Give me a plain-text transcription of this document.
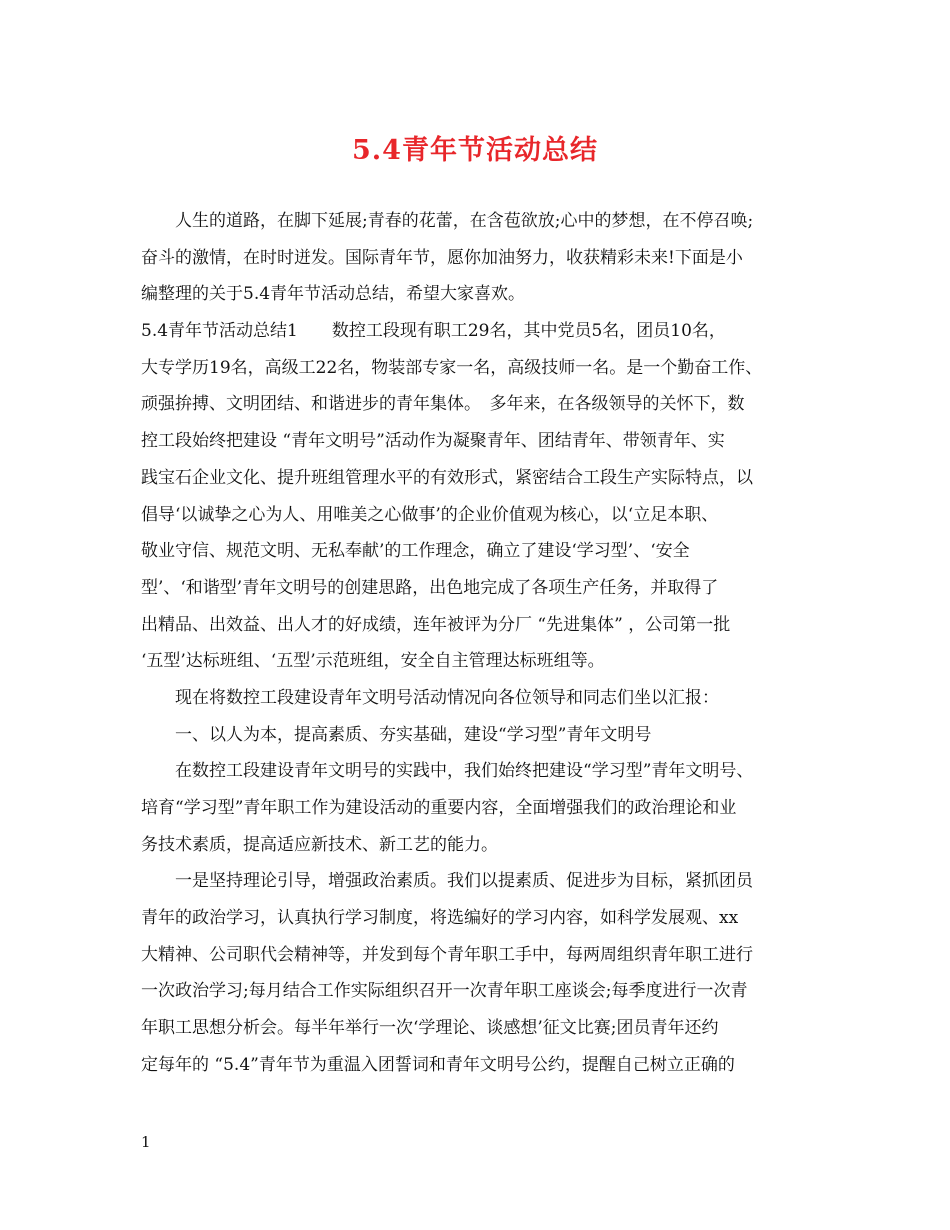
5.4青年节活动总结
人生的道路，在脚下延展;青春的花蕾，在含苞欲放;心中的梦想，在不停召唤;
奋斗的激情，在时时迸发。国际青年节，愿你加油努力，收获精彩未来!下面是小
编整理的关于5.4青年节活动总结，希望大家喜欢。
5.4青年节活动总结1　　数控工段现有职工29名，其中党员5名，团员10名，
大专学历19名，高级工22名，物装部专家一名，高级技师一名。是一个勤奋工作、
顽强拚搏、文明团结、和谐进步的青年集体。　多年来，在各级领导的关怀下，数
控工段始终把建设 “青年文明号”活动作为凝聚青年、团结青年、带领青年、实
践宝石企业文化、提升班组管理水平的有效形式，紧密结合工段生产实际特点，以
倡导‘以诚挚之心为人、用唯美之心做事’的企业价值观为核心，以‘立足本职、
敬业守信、规范文明、无私奉献’的工作理念，确立了建设‘学习型’、‘安全
型’、‘和谐型’青年文明号的创建思路，出色地完成了各项生产任务，并取得了
出精品、出效益、出人才的好成绩，连年被评为分厂 “先进集体” ，公司第一批
‘五型’达标班组、‘五型’示范班组，安全自主管理达标班组等。
现在将数控工段建设青年文明号活动情况向各位领导和同志们坐以汇报：
一、以人为本，提高素质、夯实基础，建设“学习型”青年文明号
在数控工段建设青年文明号的实践中，我们始终把建设“学习型”青年文明号、
培育“学习型”青年职工作为建设活动的重要内容，全面增强我们的政治理论和业
务技术素质，提高适应新技术、新工艺的能力。
一是坚持理论引导，增强政治素质。我们以提素质、促进步为目标，紧抓团员
青年的政治学习，认真执行学习制度，将选编好的学习内容，如科学发展观、xx
大精神、公司职代会精神等，并发到每个青年职工手中，每两周组织青年职工进行
一次政治学习;每月结合工作实际组织召开一次青年职工座谈会;每季度进行一次青
年职工思想分析会。每半年举行一次‘学理论、谈感想’征文比赛;团员青年还约
定每年的 “5.4”青年节为重温入团誓词和青年文明号公约，提醒自己树立正确的
1
